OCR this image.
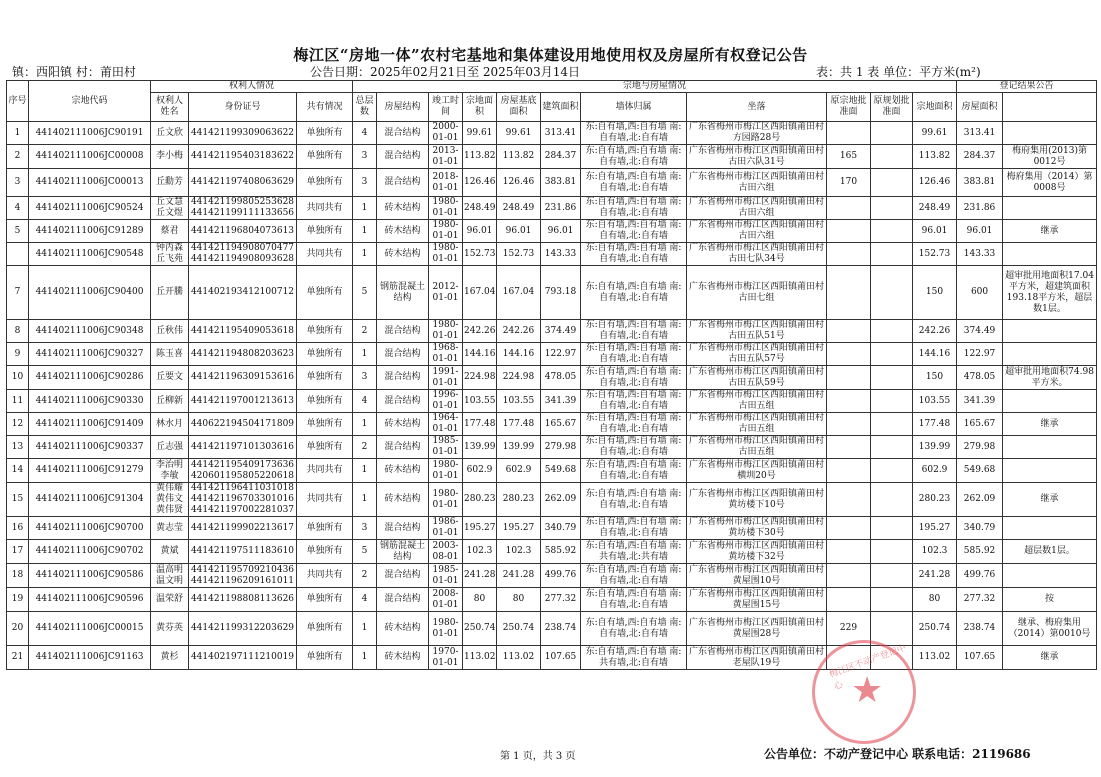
梅江区“房地一体”农村宅基地和集体建设用地使用权及房屋所有权登记公告
镇：西阳镇 村：莆田村	公告日期：2025年02月21日至 2025年03月14日	表：共 1 表 单位：平方米(m²)
序号	宗地代码	权利人情况			宗地与房屋情况											登记结果公告	
		权利人姓名	身份证号	共有情况	总层数	房屋结构	竣工时间	宗地面积	房屋基底面积	建筑面积	墙体归属	坐落	原宗地批准面	原规划批准面	宗地面积	房屋面积		
1	441402111006JC90191	丘文欣	441421199309063622	单独所有	4	混合结构	2000-01-01	99.61	99.61	313.41	东:自有墙,西:自有墙 南:自有墙,北:自有墙	广东省梅州市梅江区西阳镇莆田村方园路28号			99.61	313.41		
2	441402111006JC00008	李小梅	441421195403183622	单独所有	3	混合结构	2013-01-01	113.82	113.82	284.37	东:自有墙,西:自有墙 南:自有墙,北:自有墙	广东省梅州市梅江区西阳镇莆田村古田六队31号	165		113.82	284.37	梅府集用(2013)第0012号	
3	441402111006JC00013	丘勳芳	441421197408063629	单独所有	3	混合结构	2018-01-01	126.46	126.46	383.81	东:自有墙,西:自有墙 南:自有墙,北:自有墙	广东省梅州市梅江区西阳镇莆田村古田六组	170		126.46	383.81	梅府集用（2014）第0008号	
4	441402111006JC90524	丘文慧 丘文煜	441421199805253628 441421199111133656	共同共有	1	砖木结构	1980-01-01	248.49	248.49	231.86	东:自有墙,西:自有墙 南:自有墙,北:自有墙	广东省梅州市梅江区西阳镇莆田村古田六组			248.49	231.86		
5	441402111006JC91289	蔡君	441421196804073613	单独所有	1	砖木结构	1980-01-01	96.01	96.01	96.01	东:自有墙,西:自有墙 南:自有墙,北:自有墙	广东省梅州市梅江区西阳镇莆田村古田六组			96.01	96.01	继承	
	441402111006JC90548	钟丙森 丘飞苑	441421194908070477 441421194908093628	共同共有	1	砖木结构	1980-01-01	152.73	152.73	143.33	东:自有墙,西:自有墙 南:自有墙,北:自有墙	广东省梅州市梅江区西阳镇莆田村古田七队34号			152.73	143.33		
7	441402111006JC90400	丘开騰	441402193412100712	单独所有	5	钢筋混凝土结构	2012-01-01	167.04	167.04	793.18	东:自有墙,西:自有墙 南:自有墙,北:自有墙	广东省梅州市梅江区西阳镇莆田村古田七组			150	600	超审批用地面积17.04平方米，超建筑面积193.18平方米，超层数1层。	
8	441402111006JC90348	丘秋伟	441421195409053618	单独所有	2	混合结构	1980-01-01	242.26	242.26	374.49	东:自有墙,西:自有墙 南:自有墙,北:自有墙	广东省梅州市梅江区西阳镇莆田村古田五队51号			242.26	374.49		
9	441402111006JC90327	陈玉喜	441421194808203623	单独所有	1	混合结构	1968-01-01	144.16	144.16	122.97	东:自有墙,西:自有墙 南:自有墙,北:自有墙	广东省梅州市梅江区西阳镇莆田村古田五队57号			144.16	122.97		
10	441402111006JC90286	丘要文	441421196309153616	单独所有	3	混合结构	1991-01-01	224.98	224.98	478.05	东:自有墙,西:自有墙 南:自有墙,北:自有墙	广东省梅州市梅江区西阳镇莆田村古田五队59号			150	478.05	超审批用地面积74.98平方米。	
11	441402111006JC90330	丘柳新	441421197001213613	单独所有	4	混合结构	1996-01-01	103.55	103.55	341.39	东:自有墙,西:自有墙 南:自有墙,北:自有墙	广东省梅州市梅江区西阳镇莆田村古田五组			103.55	341.39		
12	441402111006JC91409	林水月	440622194504171809	单独所有	1	砖木结构	1964-01-01	177.48	177.48	165.67	东:自有墙,西:自有墙 南:自有墙,北:自有墙	广东省梅州市梅江区西阳镇莆田村古田五组			177.48	165.67	继承	
13	441402111006JC90337	丘志强	441421197101303616	单独所有	2	混合结构	1985-01-01	139.99	139.99	279.98	东:自有墙,西:自有墙 南:自有墙,北:自有墙	广东省梅州市梅江区西阳镇莆田村古田五组			139.99	279.98		
14	441402111006JC91279	李治明 李敏	441421195409173636 420601195805220618	共同共有	1	砖木结构	1980-01-01	602.9	602.9	549.68	东:自有墙,西:自有墙 南:自有墙,北:自有墙	广东省梅州市梅江区西阳镇莆田村横圳20号			602.9	549.68		
15	441402111006JC91304	黄伟耀 黄伟文 黄伟贤	441421196411031018 441421196703301016 441421197002281037	共同共有	1	砖木结构	1980-01-01	280.23	280.23	262.09	东:自有墙,西:自有墙 南:自有墙,北:自有墙	广东省梅州市梅江区西阳镇莆田村黄坊楼下10号			280.23	262.09	继承	
16	441402111006JC90700	黄志莹	441421199902213617	单独所有	3	混合结构	1986-01-01	195.27	195.27	340.79	东:自有墙,西:自有墙 南:自有墙,北:自有墙	广东省梅州市梅江区西阳镇莆田村黄坊楼下30号			195.27	340.79		
17	441402111006JC90702	黄斌	441421197511183610	单独所有	5	钢筋混凝土结构	2003-08-01	102.3	102.3	585.92	东:自有墙,西:自有墙 南:共有墙,北:共有墙	广东省梅州市梅江区西阳镇莆田村黄坊楼下32号			102.3	585.92	超层数1层。	
18	441402111006JC90586	温高明 温文明	441421195709210436 441421196209161011	共同共有	2	混合结构	1985-01-01	241.28	241.28	499.76	东:自有墙,西:自有墙 南:自有墙,北:自有墙	广东省梅州市梅江区西阳镇莆田村黄屋围10号			241.28	499.76		
19	441402111006JC90596	温荣舒	441421198808113626	单独所有	4	混合结构	2008-01-01	80	80	277.32	东:自有墙,西:自有墙 南:自有墙,北:自有墙	广东省梅州市梅江区西阳镇莆田村黄屋围15号			80	277.32	按	
20	441402111006JC00015	黄芬英	441421199312203629	单独所有	1	砖木结构	1980-01-01	250.74	250.74	238.74	东:自有墙,西:自有墙 南:自有墙,北:自有墙	广东省梅州市梅江区西阳镇莆田村黄屋围28号	229		250.74	238.74	继承、梅府集用（2014）第0010号	
21	441402111006JC91163	黄杉	441402197111210019	单独所有	1	砖木结构	1970-01-01	113.02	113.02	107.65	东:自有墙,西:自有墙 南:共有墙,北:自有墙	广东省梅州市梅江区西阳镇莆田村老屋队19号			113.02	107.65	继承	
梅江区不动产登记中心 ★
第 1 页，共 3 页	公告单位：不动产登记中心 联系电话：2119686
